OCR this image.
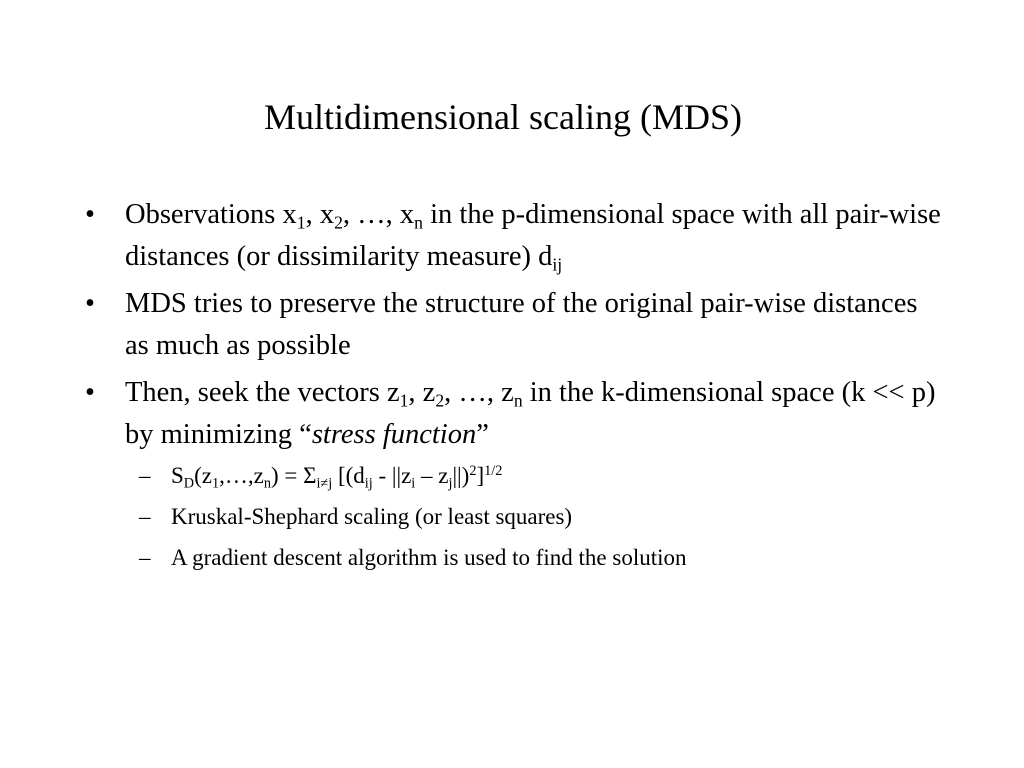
Multidimensional scaling (MDS)
•	Observations $x_1$, $x_2$, …, $x_n$ in the p-dimensional space with all pair-wise distances (or dissimilarity measure) $d_{ij}$
•	MDS tries to preserve the structure of the original pair-wise distances as much as possible
•	Then, seek the vectors $z_1$, $z_2$, …, $z_n$ in the k-dimensional space (k << p) by minimizing “stress function”
– $S_D(z_1,\dots,z_n) = \Sigma_{i\ne j}$ $[(d_{ij} - ||z_i - z_j||)^2]^{1/2}$
– Kruskal-Shephard scaling (or least squares)
– A gradient descent algorithm is used to find the solution
